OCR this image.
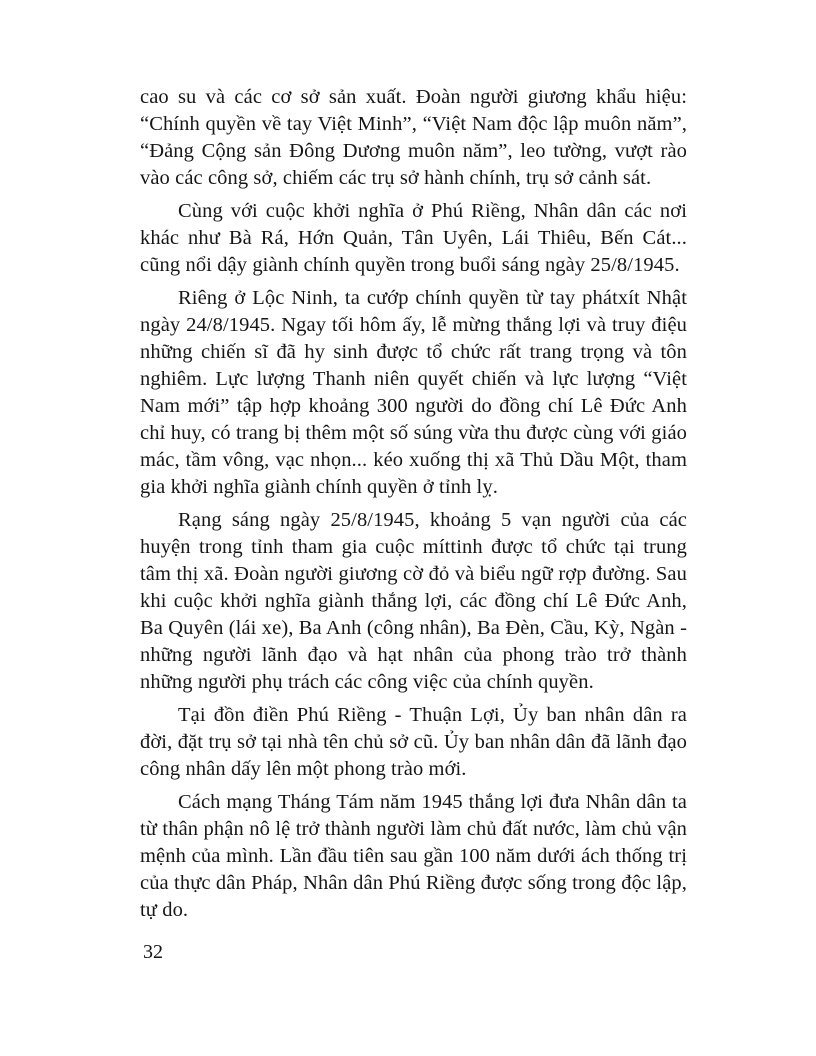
cao su và các cơ sở sản xuất. Đoàn người giương khẩu hiệu: “Chính quyền về tay Việt Minh”, “Việt Nam độc lập muôn năm”, “Đảng Cộng sản Đông Dương muôn năm”, leo tường, vượt rào vào các công sở, chiếm các trụ sở hành chính, trụ sở cảnh sát.

Cùng với cuộc khởi nghĩa ở Phú Riềng, Nhân dân các nơi khác như Bà Rá, Hớn Quản, Tân Uyên, Lái Thiêu, Bến Cát... cũng nổi dậy giành chính quyền trong buổi sáng ngày 25/8/1945.

Riêng ở Lộc Ninh, ta cướp chính quyền từ tay phátxít Nhật ngày 24/8/1945. Ngay tối hôm ấy, lễ mừng thắng lợi và truy điệu những chiến sĩ đã hy sinh được tổ chức rất trang trọng và tôn nghiêm. Lực lượng Thanh niên quyết chiến và lực lượng “Việt Nam mới” tập hợp khoảng 300 người do đồng chí Lê Đức Anh chỉ huy, có trang bị thêm một số súng vừa thu được cùng với giáo mác, tầm vông, vạc nhọn... kéo xuống thị xã Thủ Dầu Một, tham gia khởi nghĩa giành chính quyền ở tỉnh lỵ.

Rạng sáng ngày 25/8/1945, khoảng 5 vạn người của các huyện trong tỉnh tham gia cuộc míttinh được tổ chức tại trung tâm thị xã. Đoàn người giương cờ đỏ và biểu ngữ rợp đường. Sau khi cuộc khởi nghĩa giành thắng lợi, các đồng chí Lê Đức Anh, Ba Quyên (lái xe), Ba Anh (công nhân), Ba Đèn, Cầu, Kỳ, Ngàn - những người lãnh đạo và hạt nhân của phong trào trở thành những người phụ trách các công việc của chính quyền.

Tại đồn điền Phú Riềng - Thuận Lợi, Ủy ban nhân dân ra đời, đặt trụ sở tại nhà tên chủ sở cũ. Ủy ban nhân dân đã lãnh đạo công nhân dấy lên một phong trào mới.

Cách mạng Tháng Tám năm 1945 thắng lợi đưa Nhân dân ta từ thân phận nô lệ trở thành người làm chủ đất nước, làm chủ vận mệnh của mình. Lần đầu tiên sau gần 100 năm dưới ách thống trị của thực dân Pháp, Nhân dân Phú Riềng được sống trong độc lập, tự do.

32
